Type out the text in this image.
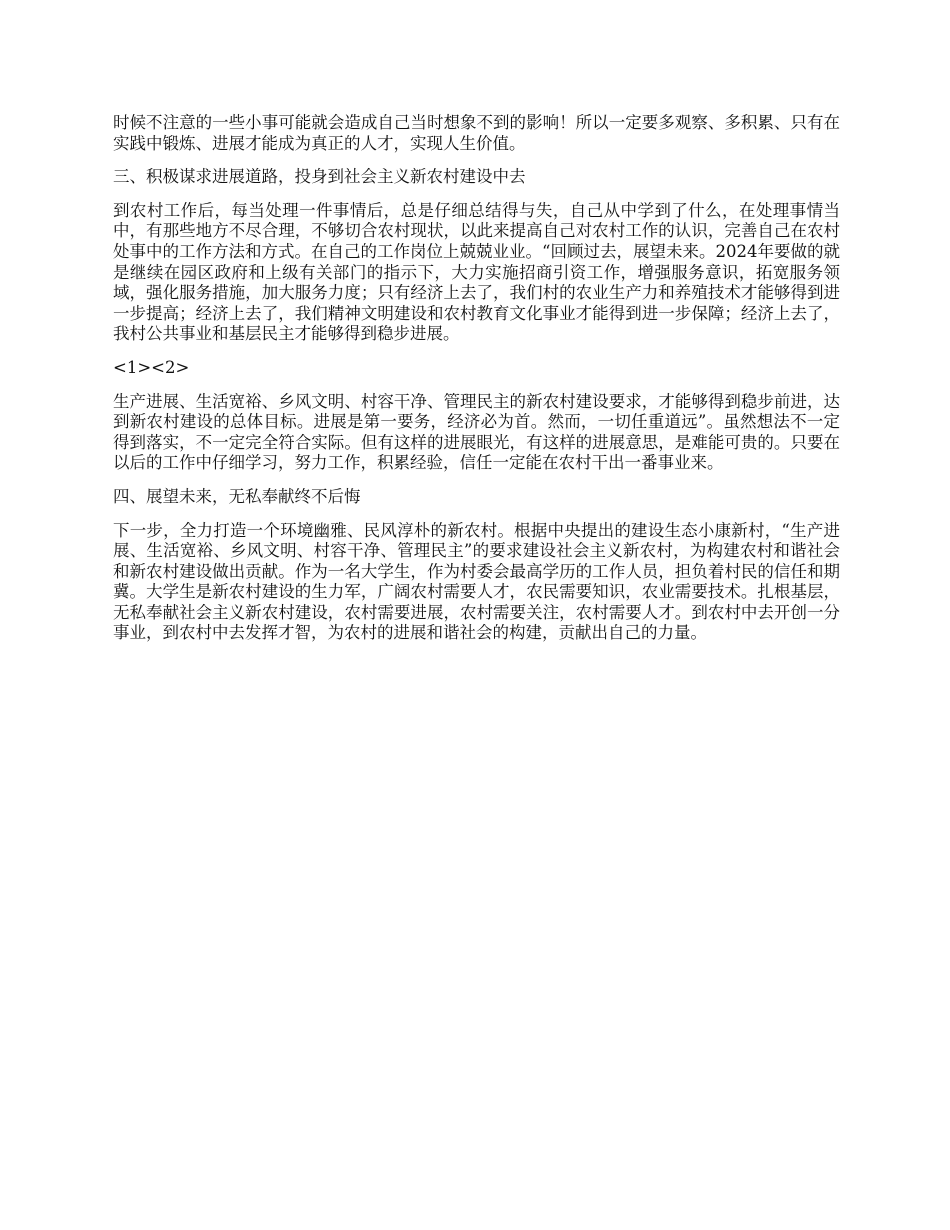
时候不注意的一些小事可能就会造成自己当时想象不到的影响！所以一定要多观察、多积累、只有在实践中锻炼、进展才能成为真正的人才，实现人生价值。

三、积极谋求进展道路，投身到社会主义新农村建设中去

到农村工作后，每当处理一件事情后，总是仔细总结得与失，自己从中学到了什么，在处理事情当中，有那些地方不尽合理，不够切合农村现状，以此来提高自己对农村工作的认识，完善自己在农村处事中的工作方法和方式。在自己的工作岗位上兢兢业业。“回顾过去，展望未来。2024年要做的就是继续在园区政府和上级有关部门的指示下，大力实施招商引资工作，增强服务意识，拓宽服务领域，强化服务措施，加大服务力度；只有经济上去了，我们村的农业生产力和养殖技术才能够得到进一步提高；经济上去了，我们精神文明建设和农村教育文化事业才能得到进一步保障；经济上去了，我村公共事业和基层民主才能够得到稳步进展。

<1><2>

生产进展、生活宽裕、乡风文明、村容干净、管理民主的新农村建设要求，才能够得到稳步前进，达到新农村建设的总体目标。进展是第一要务，经济必为首。然而，一切任重道远”。虽然想法不一定得到落实，不一定完全符合实际。但有这样的进展眼光，有这样的进展意思，是难能可贵的。只要在以后的工作中仔细学习，努力工作，积累经验，信任一定能在农村干出一番事业来。

四、展望未来，无私奉献终不后悔

下一步，全力打造一个环境幽雅、民风淳朴的新农村。根据中央提出的建设生态小康新村，“生产进展、生活宽裕、乡风文明、村容干净、管理民主”的要求建设社会主义新农村，为构建农村和谐社会和新农村建设做出贡献。作为一名大学生，作为村委会最高学历的工作人员，担负着村民的信任和期冀。大学生是新农村建设的生力军，广阔农村需要人才，农民需要知识，农业需要技术。扎根基层，无私奉献社会主义新农村建设，农村需要进展，农村需要关注，农村需要人才。到农村中去开创一分事业，到农村中去发挥才智，为农村的进展和谐社会的构建，贡献出自己的力量。
